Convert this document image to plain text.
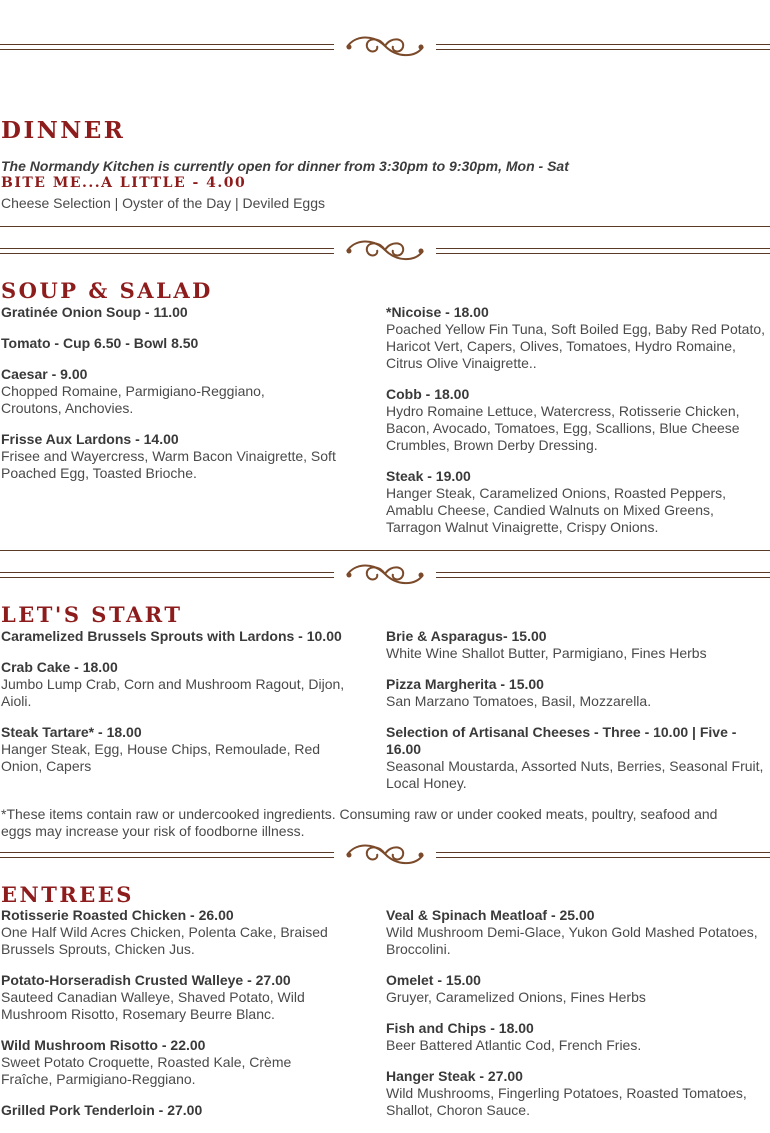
DINNER

The Normandy Kitchen is currently open for dinner from 3:30pm to 9:30pm, Mon - Sat

BITE ME...A LITTLE - 4.00

Cheese Selection | Oyster of the Day | Deviled Eggs

SOUP & SALAD
Gratinée Onion Soup - 11.00
Tomato - Cup 6.50 - Bowl 8.50
Caesar - 9.00
Chopped Romaine, Parmigiano-Reggiano, Croutons, Anchovies.
Frisse Aux Lardons - 14.00
Frisee and Wayercress, Warm Bacon Vinaigrette, Soft Poached Egg, Toasted Brioche.
*Nicoise - 18.00
Poached Yellow Fin Tuna, Soft Boiled Egg, Baby Red Potato, Haricot Vert, Capers, Olives, Tomatoes, Hydro Romaine, Citrus Olive Vinaigrette..
Cobb - 18.00
Hydro Romaine Lettuce, Watercress, Rotisserie Chicken, Bacon, Avocado, Tomatoes, Egg, Scallions, Blue Cheese Crumbles, Brown Derby Dressing.
Steak - 19.00
Hanger Steak, Caramelized Onions, Roasted Peppers, Amablu Cheese, Candied Walnuts on Mixed Greens, Tarragon Walnut Vinaigrette, Crispy Onions.
LET'S START
Caramelized Brussels Sprouts with Lardons - 10.00
Crab Cake - 18.00
Jumbo Lump Crab, Corn and Mushroom Ragout, Dijon, Aioli.
Steak Tartare* - 18.00
Hanger Steak, Egg, House Chips, Remoulade, Red Onion, Capers
Brie & Asparagus- 15.00
White Wine Shallot Butter, Parmigiano, Fines Herbs
Pizza Margherita - 15.00
San Marzano Tomatoes, Basil, Mozzarella.
Selection of Artisanal Cheeses - Three - 10.00 | Five - 16.00
Seasonal Moustarda, Assorted Nuts, Berries, Seasonal Fruit, Local Honey.

*These items contain raw or undercooked ingredients. Consuming raw or under cooked meats, poultry, seafood and eggs may increase your risk of foodborne illness.

ENTREES
Rotisserie Roasted Chicken - 26.00
One Half Wild Acres Chicken, Polenta Cake, Braised Brussels Sprouts, Chicken Jus.
Potato-Horseradish Crusted Walleye - 27.00
Sauteed Canadian Walleye, Shaved Potato, Wild Mushroom Risotto, Rosemary Beurre Blanc.
Wild Mushroom Risotto - 22.00
Sweet Potato Croquette, Roasted Kale, Crème Fraîche, Parmigiano-Reggiano.
Grilled Pork Tenderloin - 27.00
Veal & Spinach Meatloaf - 25.00
Wild Mushroom Demi-Glace, Yukon Gold Mashed Potatoes, Broccolini.
Omelet - 15.00
Gruyer, Caramelized Onions, Fines Herbs
Fish and Chips - 18.00
Beer Battered Atlantic Cod, French Fries.
Hanger Steak - 27.00
Wild Mushrooms, Fingerling Potatoes, Roasted Tomatoes, Shallot, Choron Sauce.
